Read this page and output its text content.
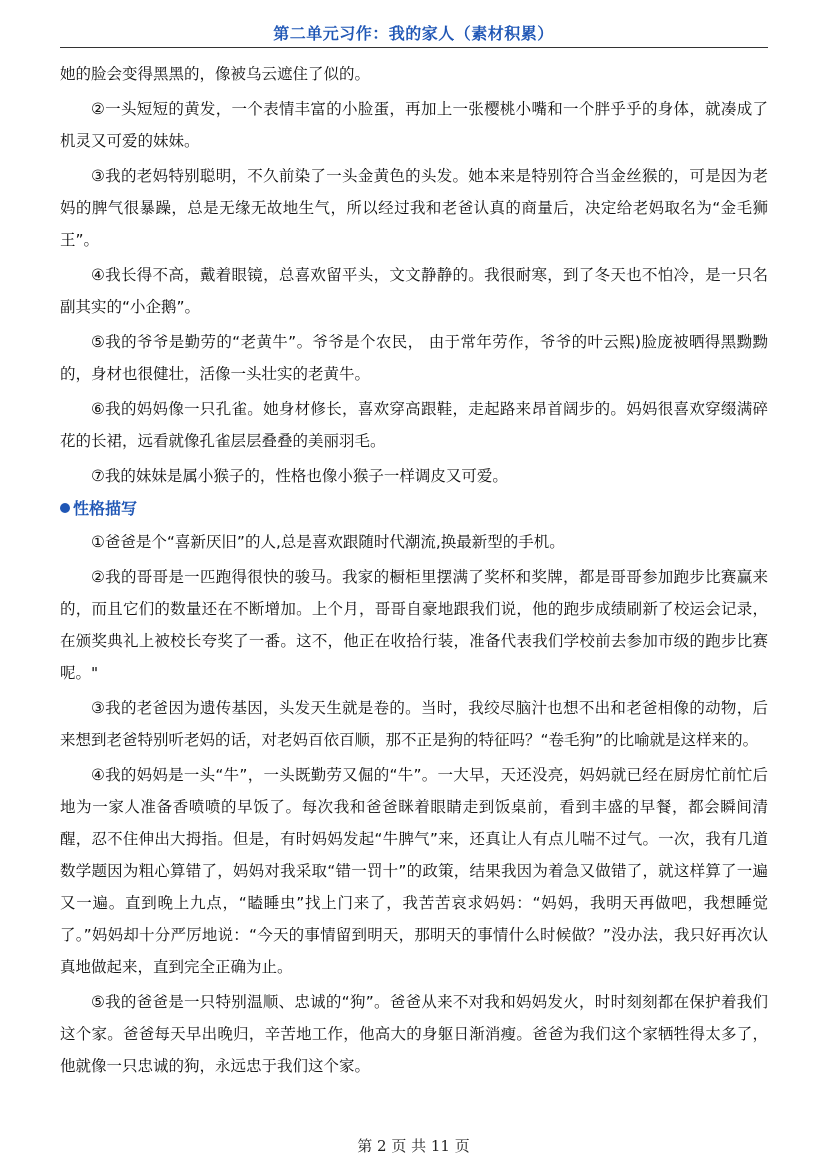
第二单元习作：我的家人（素材积累）

她的脸会变得黑黑的，像被乌云遮住了似的。

②一头短短的黄发，一个表情丰富的小脸蛋，再加上一张樱桃小嘴和一个胖乎乎的身体，就凑成了机灵又可爱的妹妹。

③我的老妈特别聪明，不久前染了一头金黄色的头发。她本来是特别符合当金丝猴的，可是因为老妈的脾气很暴躁，总是无缘无故地生气，所以经过我和老爸认真的商量后，决定给老妈取名为“金毛狮王”。

④我长得不高，戴着眼镜，总喜欢留平头，文文静静的。我很耐寒，到了冬天也不怕冷，是一只名副其实的“小企鹅”。

⑤我的爷爷是勤劳的“老黄牛”。爷爷是个农民， 由于常年劳作，爷爷的叶云熙)脸庞被晒得黑黝黝的，身材也很健壮，活像一头壮实的老黄牛。

⑥我的妈妈像一只孔雀。她身材修长，喜欢穿高跟鞋，走起路来昂首阔步的。妈妈很喜欢穿缀满碎花的长裙，远看就像孔雀层层叠叠的美丽羽毛。

⑦我的妹妹是属小猴子的，性格也像小猴子一样调皮又可爱。

性格描写

①爸爸是个“喜新厌旧”的人,总是喜欢跟随时代潮流,换最新型的手机。

②我的哥哥是一匹跑得很快的骏马。我家的橱柜里摆满了奖杯和奖牌，都是哥哥参加跑步比赛赢来的，而且它们的数量还在不断增加。上个月，哥哥自豪地跟我们说，他的跑步成绩刷新了校运会记录，在颁奖典礼上被校长夸奖了一番。这不，他正在收拾行装，准备代表我们学校前去参加市级的跑步比赛呢。"

③我的老爸因为遗传基因，头发天生就是卷的。当时，我绞尽脑汁也想不出和老爸相像的动物，后来想到老爸特别听老妈的话，对老妈百依百顺，那不正是狗的特征吗？“卷毛狗”的比喻就是这样来的。

④我的妈妈是一头“牛”，一头既勤劳又倔的“牛”。一大早，天还没亮，妈妈就已经在厨房忙前忙后地为一家人准备香喷喷的早饭了。每次我和爸爸眯着眼睛走到饭桌前，看到丰盛的早餐，都会瞬间清醒，忍不住伸出大拇指。但是，有时妈妈发起“牛脾气”来，还真让人有点儿喘不过气。一次，我有几道数学题因为粗心算错了，妈妈对我采取“错一罚十”的政策，结果我因为着急又做错了，就这样算了一遍又一遍。直到晚上九点，“瞌睡虫”找上门来了，我苦苦哀求妈妈：“妈妈，我明天再做吧，我想睡觉了。”妈妈却十分严厉地说：“今天的事情留到明天，那明天的事情什么时候做？”没办法，我只好再次认真地做起来，直到完全正确为止。

⑤我的爸爸是一只特别温顺、忠诚的“狗”。爸爸从来不对我和妈妈发火，时时刻刻都在保护着我们这个家。爸爸每天早出晚归，辛苦地工作，他高大的身躯日渐消瘦。爸爸为我们这个家牺牲得太多了，他就像一只忠诚的狗，永远忠于我们这个家。

第 2 页 共 11 页
